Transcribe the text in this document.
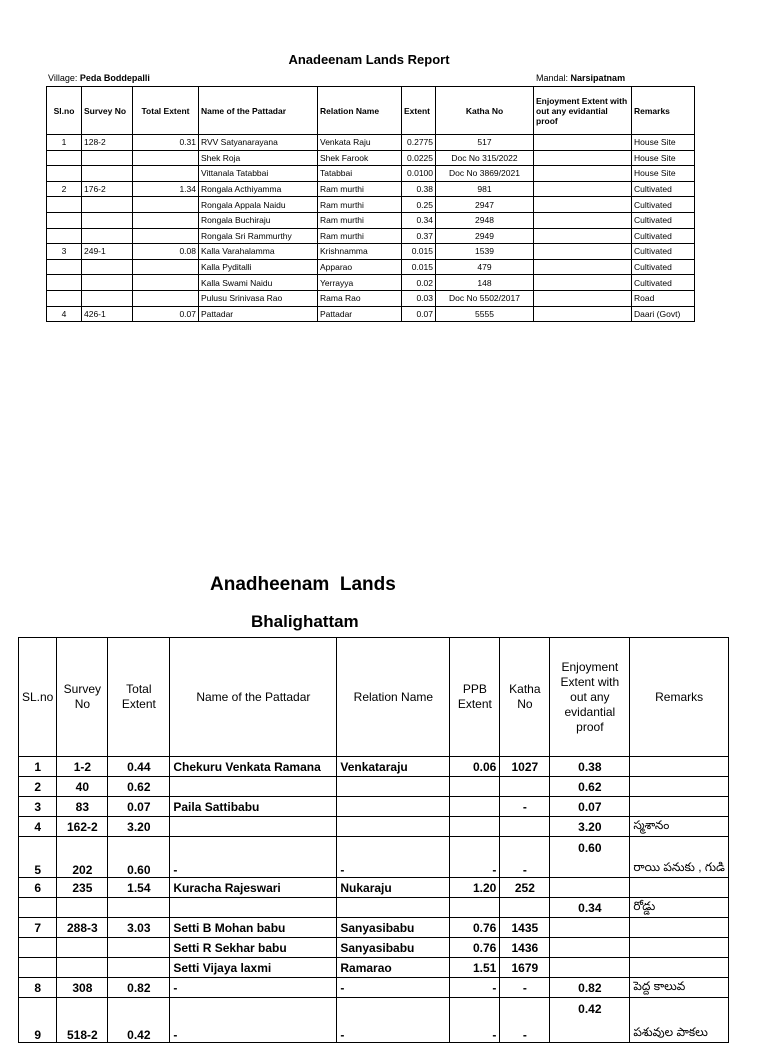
Anadeenam Lands Report
Village: Peda Boddepalli	Mandal: Narsipatnam
Sl.no	Survey No	Total Extent	Name of the Pattadar	Relation Name	Extent	Katha No	Enjoyment Extent with out any evidantial proof	Remarks
1	128-2	0.31	RVV Satyanarayana	Venkata Raju	0.2775	517		House Site
			Shek Roja	Shek Farook	0.0225	Doc No 315/2022		House Site
			Vittanala Tatabbai	Tatabbai	0.0100	Doc No 3869/2021		House Site
2	176-2	1.34	Rongala Acthiyamma	Ram murthi	0.38	981		Cultivated
			Rongala Appala Naidu	Ram murthi	0.25	2947		Cultivated
			Rongala Buchiraju	Ram murthi	0.34	2948		Cultivated
			Rongala Sri Rammurthy	Ram murthi	0.37	2949		Cultivated
3	249-1	0.08	Kalla Varahalamma	Krishnamma	0.015	1539		Cultivated
			Kalla Pyditalli	Apparao	0.015	479		Cultivated
			Kalla Swami Naidu	Yerrayya	0.02	148		Cultivated
			Pulusu Srinivasa Rao	Rama Rao	0.03	Doc No 5502/2017		Road
4	426-1	0.07	Pattadar	Pattadar	0.07	5555		Daari (Govt)
Anadheenam  Lands
Bhalighattam
SL.no	Survey No	Total Extent	Name of the Pattadar	Relation Name	PPB Extent	Katha No	Enjoyment Extent with out any evidantial proof	Remarks
1	1-2	0.44	Chekuru Venkata Ramana	Venkataraju	0.06	1027	0.38	
2	40	0.62					0.62	
3	83	0.07	Paila Sattibabu			-	0.07	
4	162-2	3.20					3.20	స్మశానం
5	202	0.60	-	-	-	-	0.60	రాయి పనుకు , గుడి
6	235	1.54	Kuracha Rajeswari	Nukaraju	1.20	252		
							0.34	రోడ్డు
7	288-3	3.03	Setti B Mohan babu	Sanyasibabu	0.76	1435		
			Setti R Sekhar babu	Sanyasibabu	0.76	1436		
			Setti Vijaya laxmi	Ramarao	1.51	1679		
8	308	0.82	-	-	-	-	0.82	పెద్ద కాలువ
9	518-2	0.42	-	-	-	-	0.42	పశువుల పాకలు
